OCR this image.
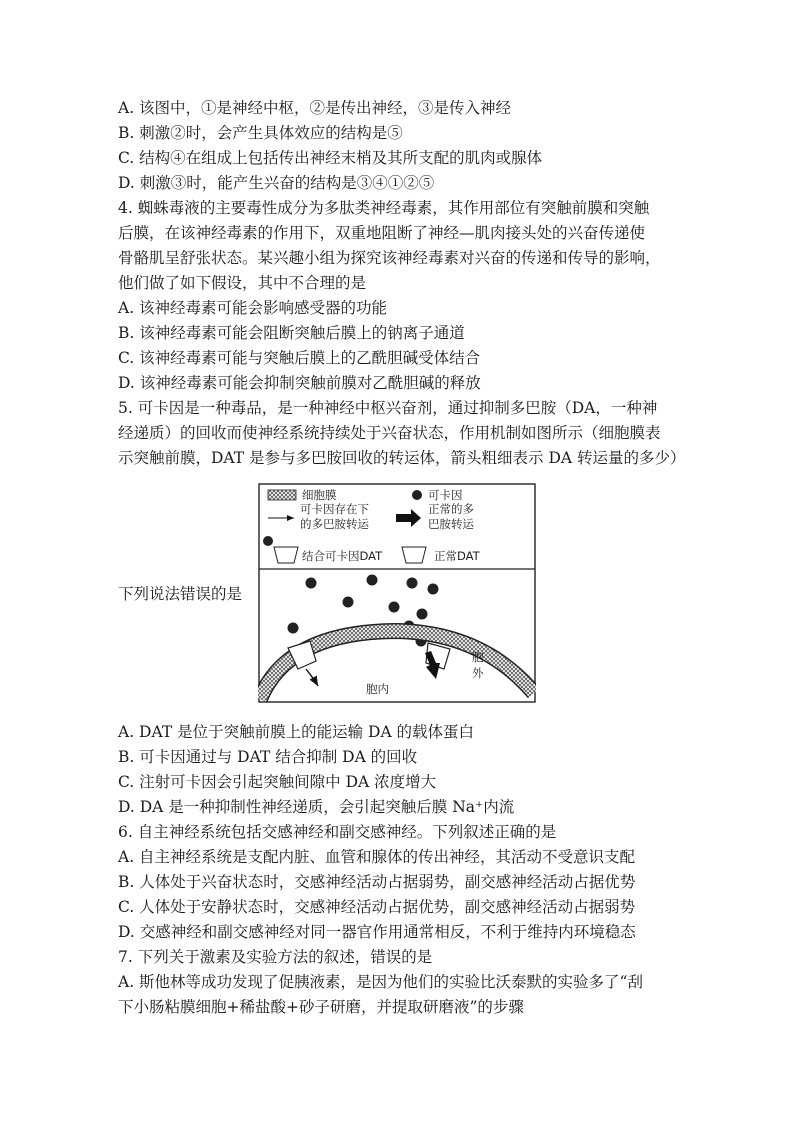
A. 该图中，①是神经中枢，②是传出神经，③是传入神经
B. 刺激②时，会产生具体效应的结构是⑤
C. 结构④在组成上包括传出神经末梢及其所支配的肌肉或腺体
D. 刺激③时，能产生兴奋的结构是③④①②⑤
4. 蜘蛛毒液的主要毒性成分为多肽类神经毒素，其作用部位有突触前膜和突触
后膜，在该神经毒素的作用下，双重地阻断了神经—肌肉接头处的兴奋传递使
骨骼肌呈舒张状态。某兴趣小组为探究该神经毒素对兴奋的传递和传导的影响，
他们做了如下假设，其中不合理的是
A. 该神经毒素可能会影响感受器的功能
B. 该神经毒素可能会阻断突触后膜上的钠离子通道
C. 该神经毒素可能与突触后膜上的乙酰胆碱受体结合
D. 该神经毒素可能会抑制突触前膜对乙酰胆碱的释放
5. 可卡因是一种毒品，是一种神经中枢兴奋剂，通过抑制多巴胺（DA，一种神
经递质）的回收而使神经系统持续处于兴奋状态，作用机制如图所示（细胞膜表
示突触前膜，DAT 是参与多巴胺回收的转运体，箭头粗细表示 DA 转运量的多少）
下列说法错误的是
细胞膜	可卡因
可卡因存在下
的多巴胺转运
正常的多
巴胺转运
结合可卡因DAT	正常DAT
胞
外
胞内
A. DAT 是位于突触前膜上的能运输 DA 的载体蛋白
B. 可卡因通过与 DAT 结合抑制 DA 的回收
C. 注射可卡因会引起突触间隙中 DA 浓度增大
D. DA 是一种抑制性神经递质，会引起突触后膜 Na⁺内流
6. 自主神经系统包括交感神经和副交感神经。下列叙述正确的是
A. 自主神经系统是支配内脏、血管和腺体的传出神经，其活动不受意识支配
B. 人体处于兴奋状态时，交感神经活动占据弱势，副交感神经活动占据优势
C. 人体处于安静状态时，交感神经活动占据优势，副交感神经活动占据弱势
D. 交感神经和副交感神经对同一器官作用通常相反，不利于维持内环境稳态
7. 下列关于激素及实验方法的叙述，错误的是
A. 斯他林等成功发现了促胰液素，是因为他们的实验比沃泰默的实验多了“刮
下小肠粘膜细胞+稀盐酸+砂子研磨，并提取研磨液”的步骤
